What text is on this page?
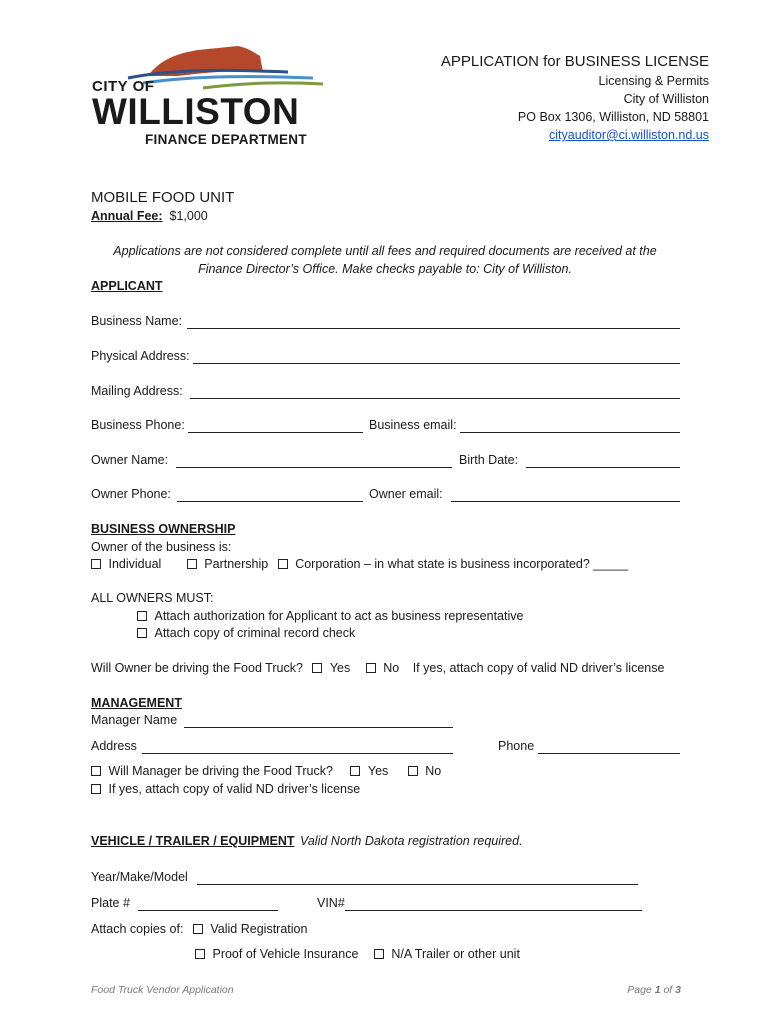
CITY OF
WILLISTON
FINANCE DEPARTMENT
APPLICATION for BUSINESS LICENSE
Licensing & Permits
City of Williston
PO Box 1306, Williston, ND 58801
cityauditor@ci.williston.nd.us
MOBILE FOOD UNIT
Annual Fee: $1,000
Applications are not considered complete until all fees and required documents are received at the
Finance Director’s Office. Make checks payable to: City of Williston.
APPLICANT
Business Name:
Physical Address:
Mailing Address:
Business Phone:	Business email:
Owner Name:	Birth Date:
Owner Phone:	Owner email:
BUSINESS OWNERSHIP
Owner of the business is:
Individual	Partnership Corporation – in what state is business incorporated? _____
ALL OWNERS MUST:
Attach authorization for Applicant to act as business representative
Attach copy of criminal record check
Will Owner be driving the Food Truck? Yes	No If yes, attach copy of valid ND driver’s license
MANAGEMENT
Manager Name
Address	Phone
Will Manager be driving the Food Truck?	Yes	No
If yes, attach copy of valid ND driver’s license
VEHICLE / TRAILER / EQUIPMENT Valid North Dakota registration required.
Year/Make/Model
Plate #	VIN#
Attach copies of: Valid Registration
Proof of Vehicle Insurance	N/A Trailer or other unit
Food Truck Vendor Application	Page 1 of 3
